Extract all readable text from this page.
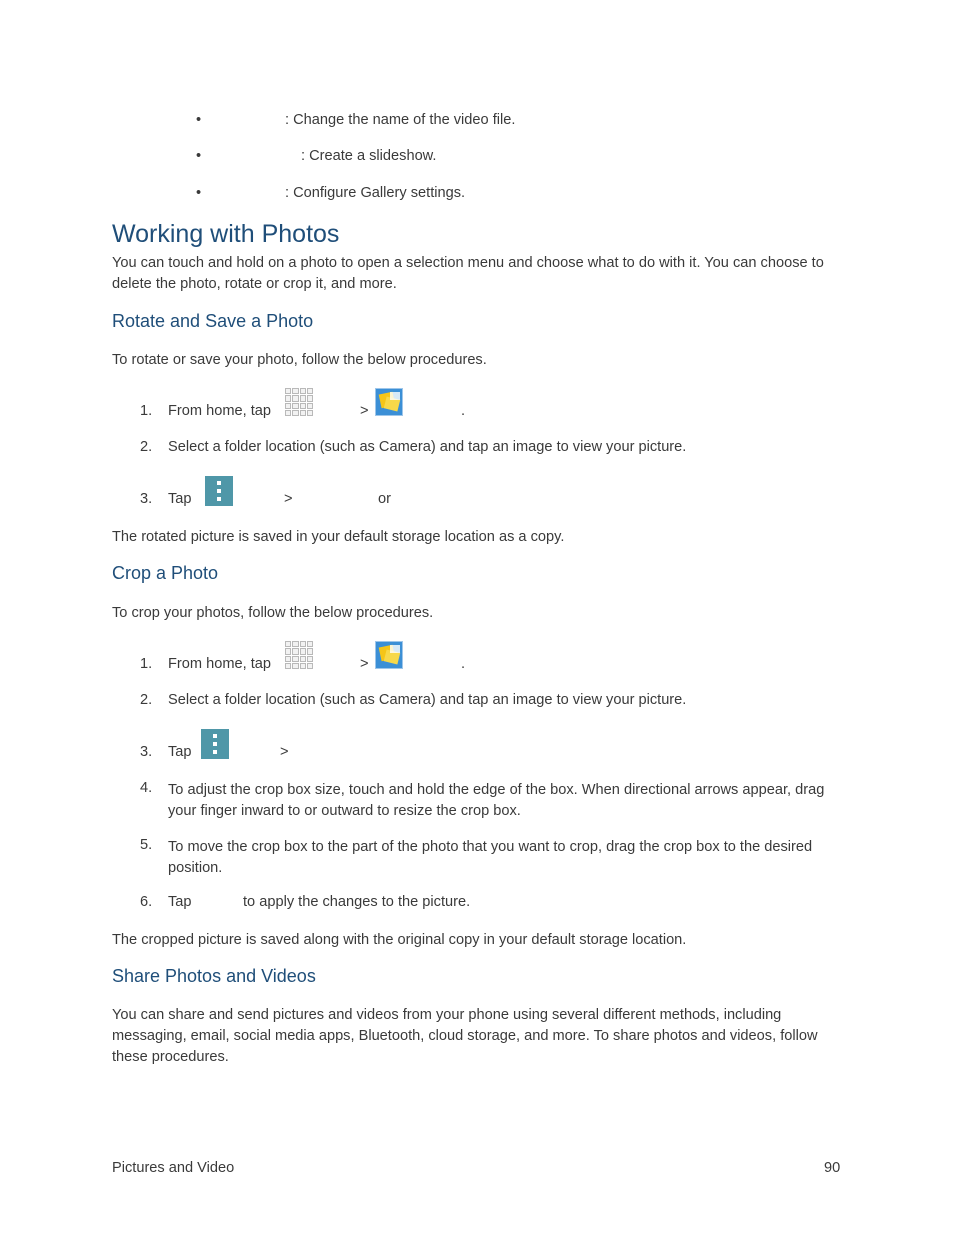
•	: Change the name of the video file.
•	: Create a slideshow.
•	: Configure Gallery settings.
Working with Photos
You can touch and hold on a photo to open a selection menu and choose what to do with it. You can choose to delete the photo, rotate or crop it, and more.
Rotate and Save a Photo
To rotate or save your photo, follow the below procedures.
1. From home, tap	>	.
2. Select a folder location (such as Camera) and tap an image to view your picture.
3. Tap	>	or
The rotated picture is saved in your default storage location as a copy.
Crop a Photo
To crop your photos, follow the below procedures.
1. From home, tap	>	.
2. Select a folder location (such as Camera) and tap an image to view your picture.
3. Tap	>
4. To adjust the crop box size, touch and hold the edge of the box. When directional arrows appear, drag your finger inward to or outward to resize the crop box.
5. To move the crop box to the part of the photo that you want to crop, drag the crop box to the desired position.
6. Tap	to apply the changes to the picture.
The cropped picture is saved along with the original copy in your default storage location.
Share Photos and Videos
You can share and send pictures and videos from your phone using several different methods, including messaging, email, social media apps, Bluetooth, cloud storage, and more. To share photos and videos, follow these procedures.
Pictures and Video	90
